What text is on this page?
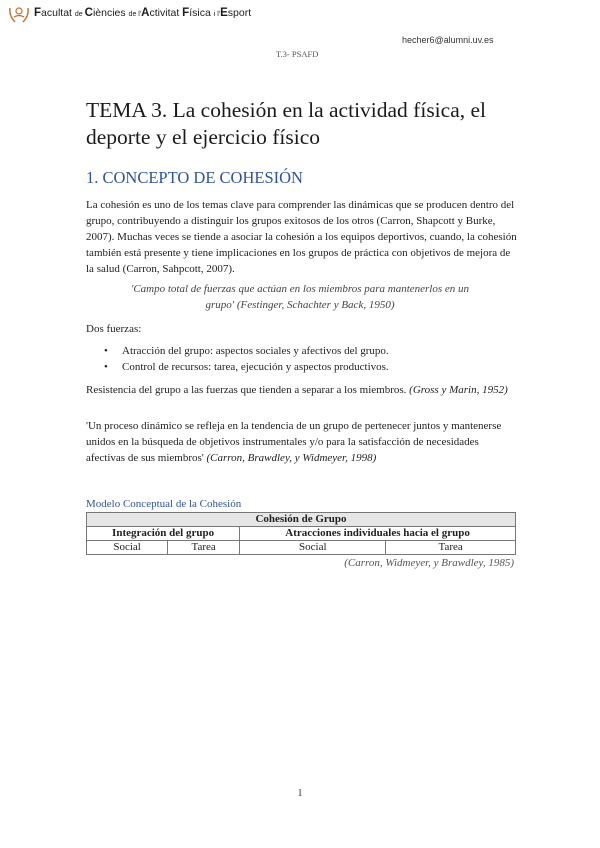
Facultat de Ciències de l'Activitat Física i l'Esport
hecher6@alumni.uv.es
T.3- PSAFD
TEMA 3. La cohesión en la actividad física, el deporte y el ejercicio físico
1. CONCEPTO DE COHESIÓN
La cohesión es uno de los temas clave para comprender las dinámicas que se producen dentro del grupo, contribuyendo a distinguir los grupos exitosos de los otros (Carron, Shapcott y Burke, 2007). Muchas veces se tiende a asociar la cohesión a los equipos deportivos, cuando, la cohesión también está presente y tiene implicaciones en los grupos de práctica con objetivos de mejora de la salud (Carron, Sahpcott, 2007).
'Campo total de fuerzas que actúan en los miembros para mantenerlos en un grupo' (Festinger, Schachter y Back, 1950)
Dos fuerzas:
• Atracción del grupo: aspectos sociales y afectivos del grupo.
• Control de recursos: tarea, ejecución y aspectos productivos.
Resistencia del grupo a las fuerzas que tienden a separar a los miembros. (Gross y Marin, 1952)
'Un proceso dinámico se refleja en la tendencia de un grupo de pertenecer juntos y mantenerse unidos en la búsqueda de objetivos instrumentales y/o para la satisfacción de necesidades afectivas de sus miembros' (Carron, Brawdley, y Widmeyer, 1998)
Modelo Conceptual de la Cohesión
Cohesión de Grupo			
Integración del grupo		Atracciones individuales hacia el grupo	
Social	Tarea	Social	Tarea
(Carron, Widmeyer, y Brawdley, 1985)
1
